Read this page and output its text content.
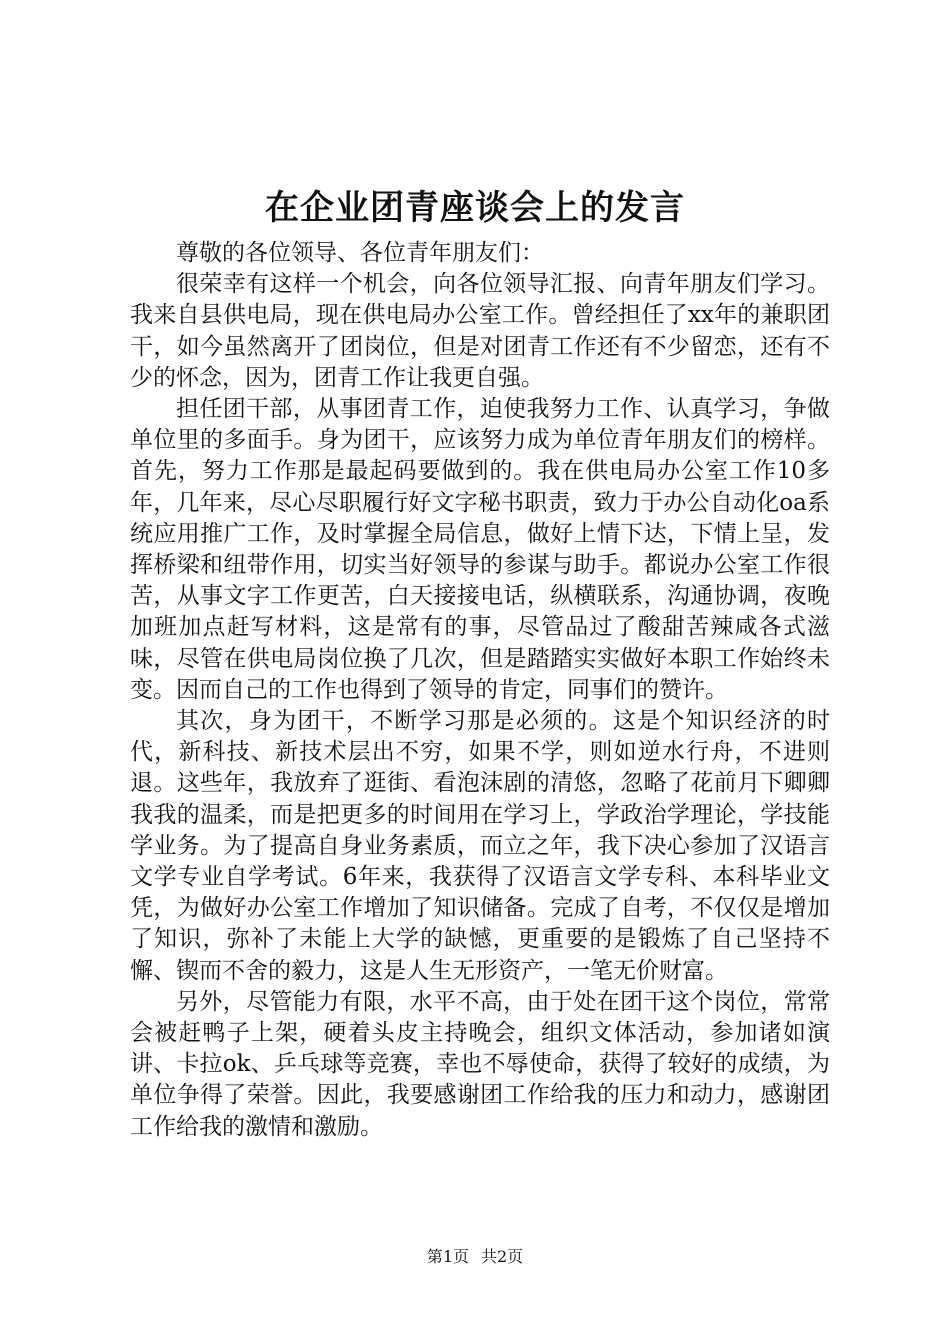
在企业团青座谈会上的发言

尊敬的各位领导、各位青年朋友们：

很荣幸有这样一个机会，向各位领导汇报、向青年朋友们学习。我来自县供电局，现在供电局办公室工作。曾经担任了xx年的兼职团干，如今虽然离开了团岗位，但是对团青工作还有不少留恋，还有不少的怀念，因为，团青工作让我更自强。

担任团干部，从事团青工作，迫使我努力工作、认真学习，争做单位里的多面手。身为团干，应该努力成为单位青年朋友们的榜样。首先，努力工作那是最起码要做到的。我在供电局办公室工作10多年，几年来，尽心尽职履行好文字秘书职责，致力于办公自动化oa系统应用推广工作，及时掌握全局信息，做好上情下达，下情上呈，发挥桥梁和纽带作用，切实当好领导的参谋与助手。都说办公室工作很苦，从事文字工作更苦，白天接接电话，纵横联系，沟通协调，夜晚加班加点赶写材料，这是常有的事，尽管品过了酸甜苦辣咸各式滋味，尽管在供电局岗位换了几次，但是踏踏实实做好本职工作始终未变。因而自己的工作也得到了领导的肯定，同事们的赞许。

其次，身为团干，不断学习那是必须的。这是个知识经济的时代，新科技、新技术层出不穷，如果不学，则如逆水行舟，不进则退。这些年，我放弃了逛街、看泡沫剧的清悠，忽略了花前月下卿卿我我的温柔，而是把更多的时间用在学习上，学政治学理论，学技能学业务。为了提高自身业务素质，而立之年，我下决心参加了汉语言文学专业自学考试。6年来，我获得了汉语言文学专科、本科毕业文凭，为做好办公室工作增加了知识储备。完成了自考，不仅仅是增加了知识，弥补了未能上大学的缺憾，更重要的是锻炼了自己坚持不懈、锲而不舍的毅力，这是人生无形资产，一笔无价财富。

另外，尽管能力有限，水平不高，由于处在团干这个岗位，常常会被赶鸭子上架，硬着头皮主持晚会，组织文体活动，参加诸如演讲、卡拉ok、乒乓球等竞赛，幸也不辱使命，获得了较好的成绩，为单位争得了荣誉。因此，我要感谢团工作给我的压力和动力，感谢团工作给我的激情和激励。

第1页 共2页
